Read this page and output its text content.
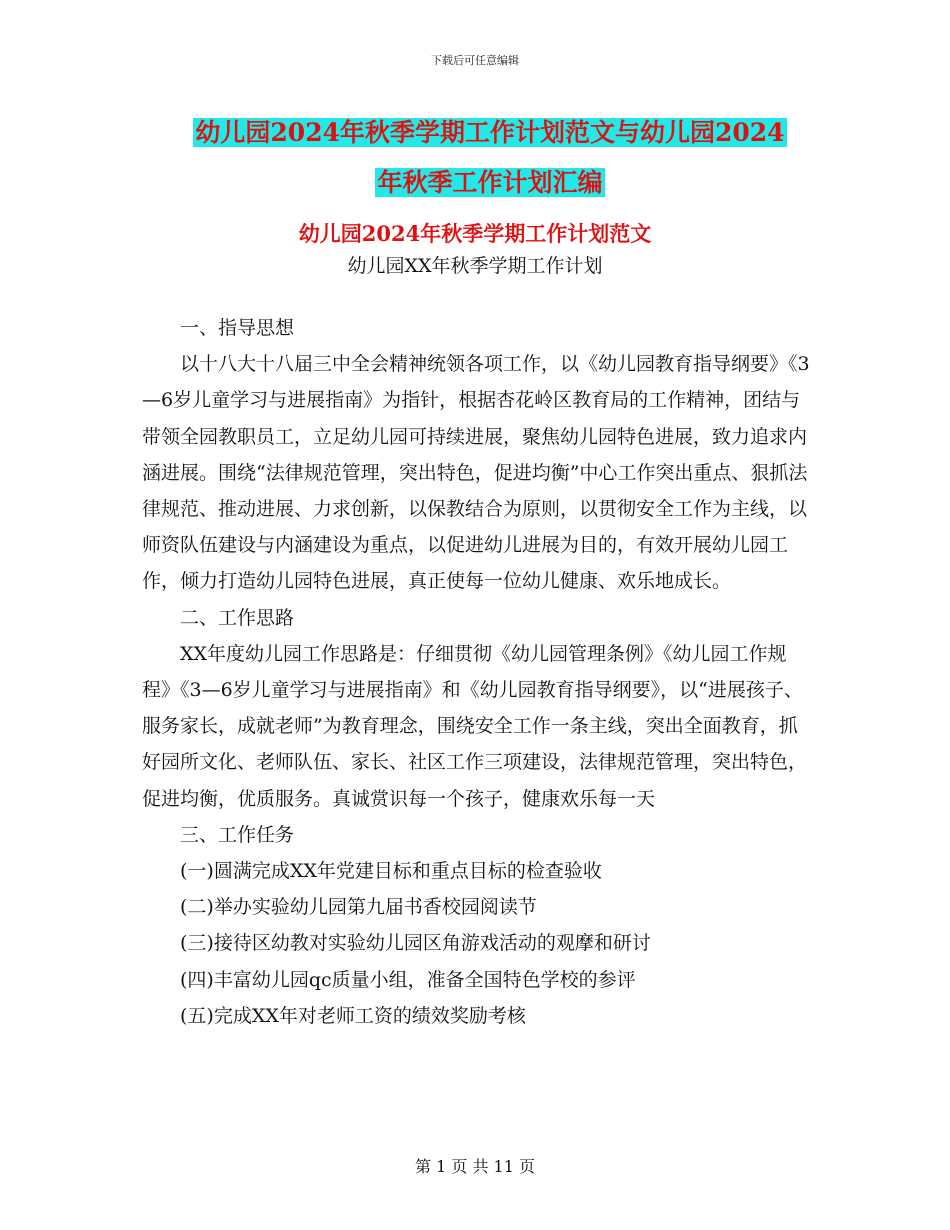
下载后可任意编辑
幼儿园2024年秋季学期工作计划范文与幼儿园2024
年秋季工作计划汇编
幼儿园2024年秋季学期工作计划范文
幼儿园XX年秋季学期工作计划

一、指导思想

以十八大十八届三中全会精神统领各项工作，以《幼儿园教育指导纲要》《3—6岁儿童学习与进展指南》为指针，根据杏花岭区教育局的工作精神，团结与带领全园教职员工，立足幼儿园可持续进展，聚焦幼儿园特色进展，致力追求内涵进展。围绕“法律规范管理，突出特色，促进均衡”中心工作突出重点、狠抓法律规范、推动进展、力求创新，以保教结合为原则，以贯彻安全工作为主线，以师资队伍建设与内涵建设为重点，以促进幼儿进展为目的，有效开展幼儿园工作，倾力打造幼儿园特色进展，真正使每一位幼儿健康、欢乐地成长。

二、工作思路

XX年度幼儿园工作思路是：仔细贯彻《幼儿园管理条例》《幼儿园工作规程》《3—6岁儿童学习与进展指南》和《幼儿园教育指导纲要》，以“进展孩子、服务家长，成就老师”为教育理念，围绕安全工作一条主线，突出全面教育，抓好园所文化、老师队伍、家长、社区工作三项建设，法律规范管理，突出特色，促进均衡，优质服务。真诚赏识每一个孩子，健康欢乐每一天

三、工作任务

(一)圆满完成XX年党建目标和重点目标的检查验收

(二)举办实验幼儿园第九届书香校园阅读节

(三)接待区幼教对实验幼儿园区角游戏活动的观摩和研讨

(四)丰富幼儿园qc质量小组，准备全国特色学校的参评

(五)完成XX年对老师工资的绩效奖励考核

第 1 页 共 11 页
